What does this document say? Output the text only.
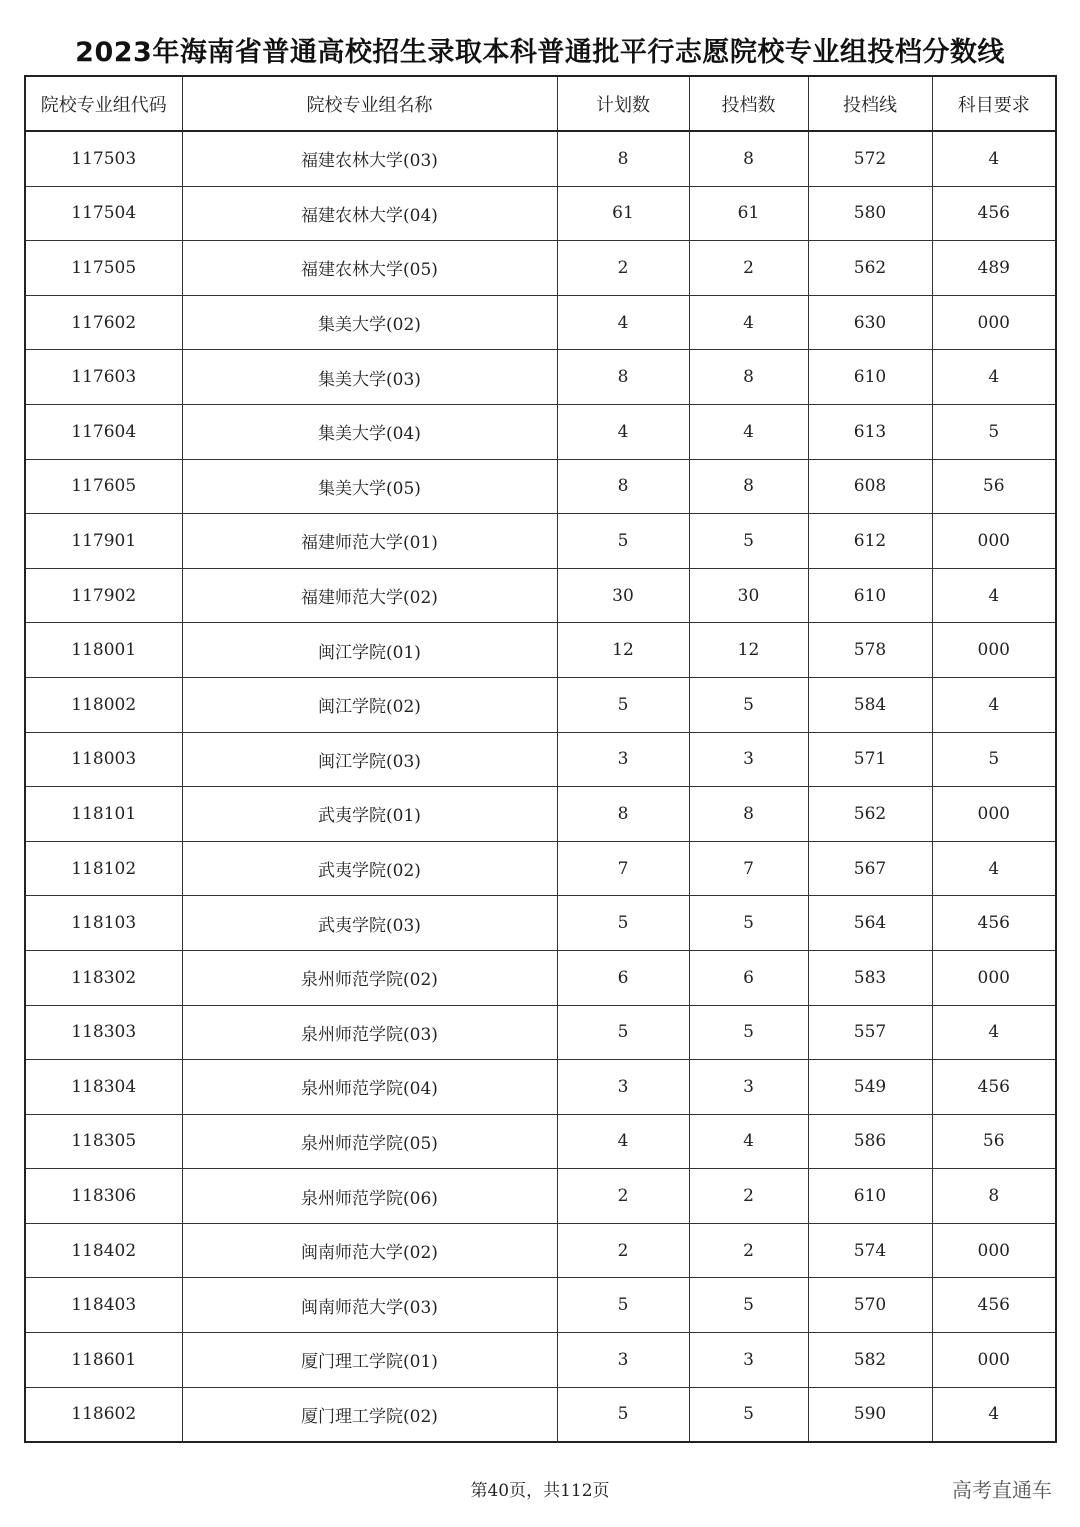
2023年海南省普通高校招生录取本科普通批平行志愿院校专业组投档分数线
院校专业组代码	院校专业组名称	计划数	投档数	投档线	科目要求
117503	福建农林大学(03)	8	8	572	4
117504	福建农林大学(04)	61	61	580	456
117505	福建农林大学(05)	2	2	562	489
117602	集美大学(02)	4	4	630	000
117603	集美大学(03)	8	8	610	4
117604	集美大学(04)	4	4	613	5
117605	集美大学(05)	8	8	608	56
117901	福建师范大学(01)	5	5	612	000
117902	福建师范大学(02)	30	30	610	4
118001	闽江学院(01)	12	12	578	000
118002	闽江学院(02)	5	5	584	4
118003	闽江学院(03)	3	3	571	5
118101	武夷学院(01)	8	8	562	000
118102	武夷学院(02)	7	7	567	4
118103	武夷学院(03)	5	5	564	456
118302	泉州师范学院(02)	6	6	583	000
118303	泉州师范学院(03)	5	5	557	4
118304	泉州师范学院(04)	3	3	549	456
118305	泉州师范学院(05)	4	4	586	56
118306	泉州师范学院(06)	2	2	610	8
118402	闽南师范大学(02)	2	2	574	000
118403	闽南师范大学(03)	5	5	570	456
118601	厦门理工学院(01)	3	3	582	000
118602	厦门理工学院(02)	5	5	590	4
第40页，共112页	高考直通车
